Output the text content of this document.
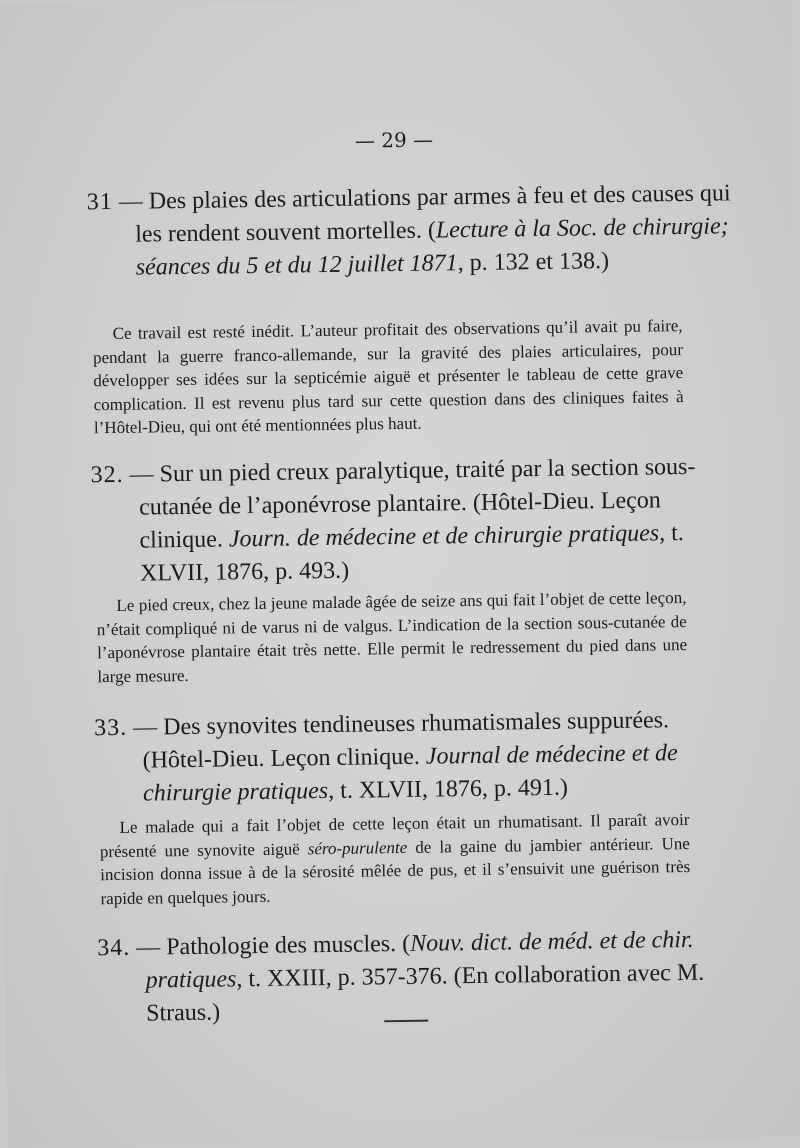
— 29 —
31 — Des plaies des articulations par armes à feu et des causes qui les rendent souvent mortelles. (Lecture à la Soc. de chirurgie; séances du 5 et du 12 juillet 1871, p. 132 et 138.)
Ce travail est resté inédit. L’auteur profitait des observations qu’il avait pu faire, pendant la guerre franco-allemande, sur la gravité des plaies articulaires, pour développer ses idées sur la septicémie aiguë et présenter le tableau de cette grave complication. Il est revenu plus tard sur cette question dans des cliniques faites à l’Hôtel-Dieu, qui ont été mentionnées plus haut.
32. — Sur un pied creux paralytique, traité par la section sous-cutanée de l’aponévrose plantaire. (Hôtel-Dieu. Leçon clinique. Journ. de médecine et de chirurgie pratiques, t. XLVII, 1876, p. 493.)
Le pied creux, chez la jeune malade âgée de seize ans qui fait l’objet de cette leçon, n’était compliqué ni de varus ni de valgus. L’indication de la section sous-cutanée de l’aponévrose plantaire était très nette. Elle permit le redressement du pied dans une large mesure.
33. — Des synovites tendineuses rhumatismales suppurées. (Hôtel-Dieu. Leçon clinique. Journal de médecine et de chirurgie pratiques, t. XLVII, 1876, p. 491.)
Le malade qui a fait l’objet de cette leçon était un rhumatisant. Il paraît avoir présenté une synovite aiguë séro-purulente de la gaine du jambier antérieur. Une incision donna issue à de la sérosité mêlée de pus, et il s’ensuivit une guérison très rapide en quelques jours.
34. — Pathologie des muscles. (Nouv. dict. de méd. et de chir. pratiques, t. XXIII, p. 357-376. (En collaboration avec M. Straus.)
